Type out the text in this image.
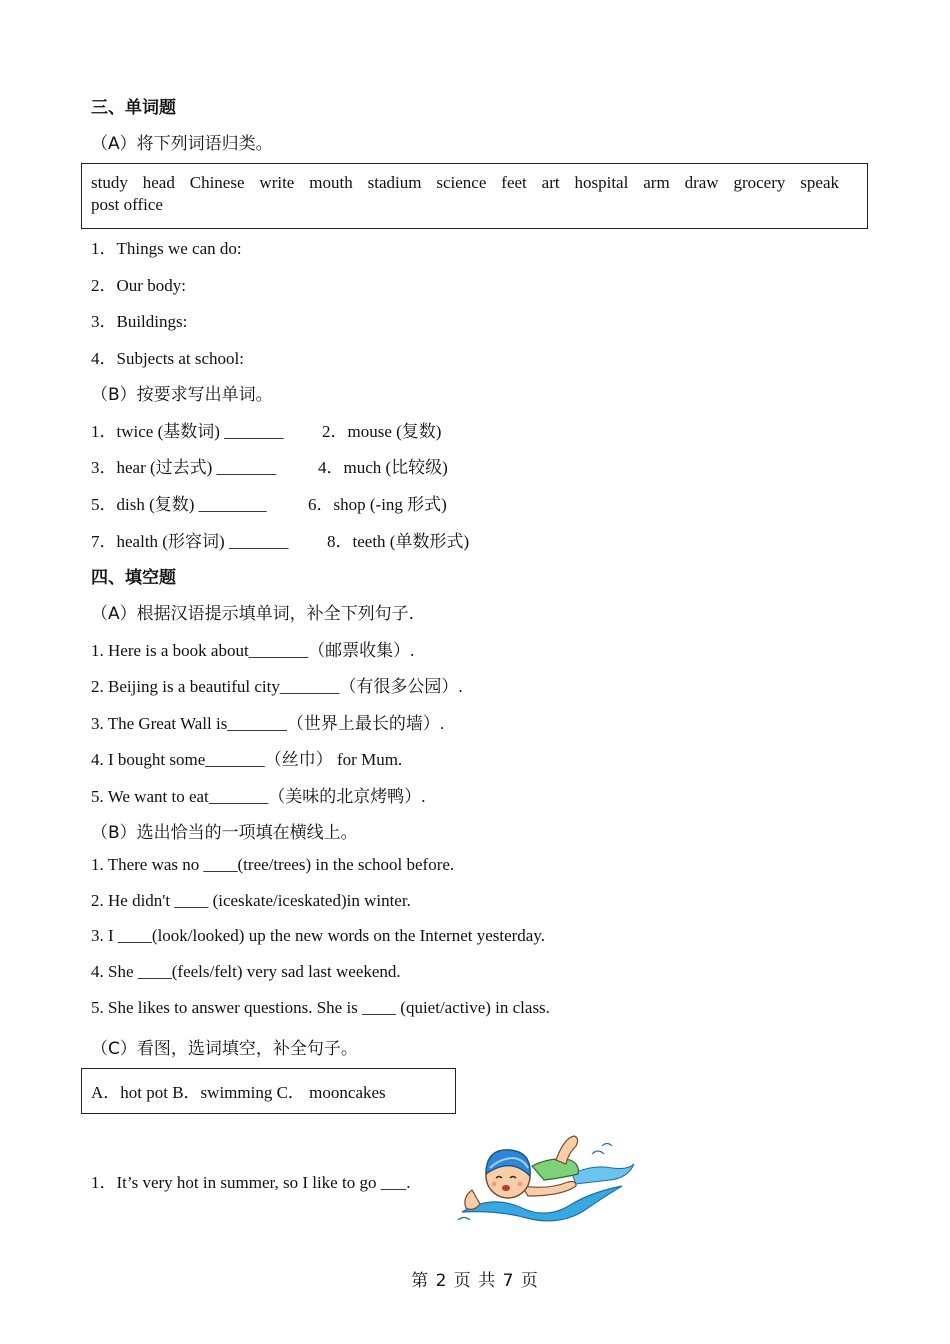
三、单词题
（A）将下列词语归类。
study head Chinese write mouth stadium science feet art hospital arm draw grocery speak
post office
1．Things we can do:
2．Our body:
3．Buildings:
4．Subjects at school:
（B）按要求写出单词。
1．twice (基数词) _______ 2．mouse (复数)
3．hear (过去式) _______ 4．much (比较级)
5．dish (复数) ________ 6．shop (-ing 形式)
7．health (形容词) _______ 8．teeth (单数形式)
四、填空题
（A）根据汉语提示填单词，补全下列句子.
1. Here is a book about_______（邮票收集）.
2. Beijing is a beautiful city_______（有很多公园）.
3. The Great Wall is_______（世界上最长的墙）.
4. I bought some_______（丝巾） for Mum.
5. We want to eat_______（美味的北京烤鸭）.
（B）选出恰当的一项填在横线上。
1. There was no ____(tree/trees) in the school before.
2. He didn't ____ (iceskate/iceskated)in winter.
3. I ____(look/looked) up the new words on the Internet yesterday.
4. She ____(feels/felt) very sad last weekend.
5. She likes to answer questions. She is ____ (quiet/active) in class.
（C）看图，选词填空，补全句子。
A．hot pot B．swimming C． mooncakes
1．It’s very hot in summer, so I like to go ___.
第 2 页 共 7 页
